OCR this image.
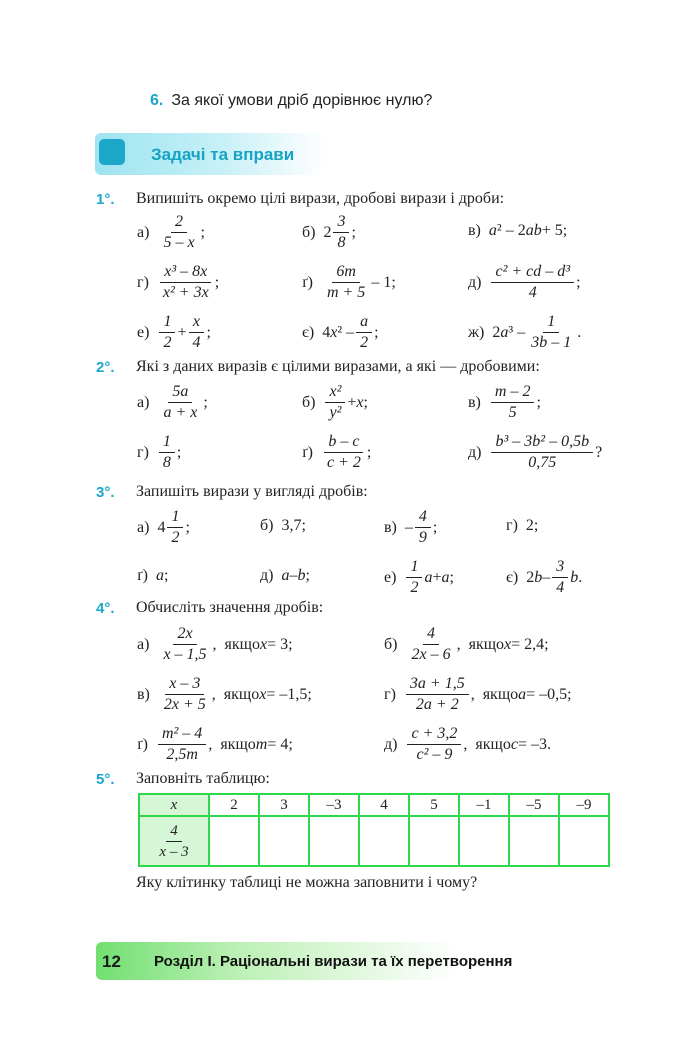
6. За якої умови дріб дорівнює нулю?
Задачі та вправи
1°. Випишіть окремо цілі вирази, дробові вирази і дроби:
а)
2
5 – x
;	б) 2
3
8
;	в) a ² – 2 ab + 5;
г)
x³ – 8x
x² + 3x
;	ґ)
6m
m + 5
– 1;	д)
c² + cd – d³
4
;
е)
1
2
+
x
4
;	є) 4 x ² –
a
2
;	ж) 2 a ³ –
1
3b – 1
.
2°. Які з даних виразів є цілими виразами, а які — дробовими:
а)
5a
a + x
;	б)
x²
y²
+ x ;	в)
m – 2
5
;
г)
1
8
;	ґ)
b – c
c + 2
;	д)
b³ – 3b² – 0,5b
0,75
?
3°. Запишіть вирази у вигляді дробів:
а) 4
1
2
;	б) 3,7;	в) –
4
9
;	г) 2;
ґ) a ;	д) a – b ;	е)
1
2
a + a ;	є) 2 b –
3
4
b .
4°. Обчисліть значення дробів:
а)
2x
x – 1,5
,  якщо x = 3;	б)
4
2x – 6
,  якщо x = 2,4;
в)
x – 3
2x + 5
,  якщо x = –1,5;	г)
3a + 1,5
2a + 2
,  якщо a = –0,5;
ґ)
m² – 4
2,5m
,  якщо m = 4;	д)
c + 3,2
c² – 9
,  якщо c = –3.
5°. Заповніть таблицю:
x	2	3	–3	4	5	–1	–5	–9

$\frac{4}{x - 3}$

Яку клітинку таблиці не можна заповнити і чому?
12 Розділ І. Раціональні вирази та їх перетворення
